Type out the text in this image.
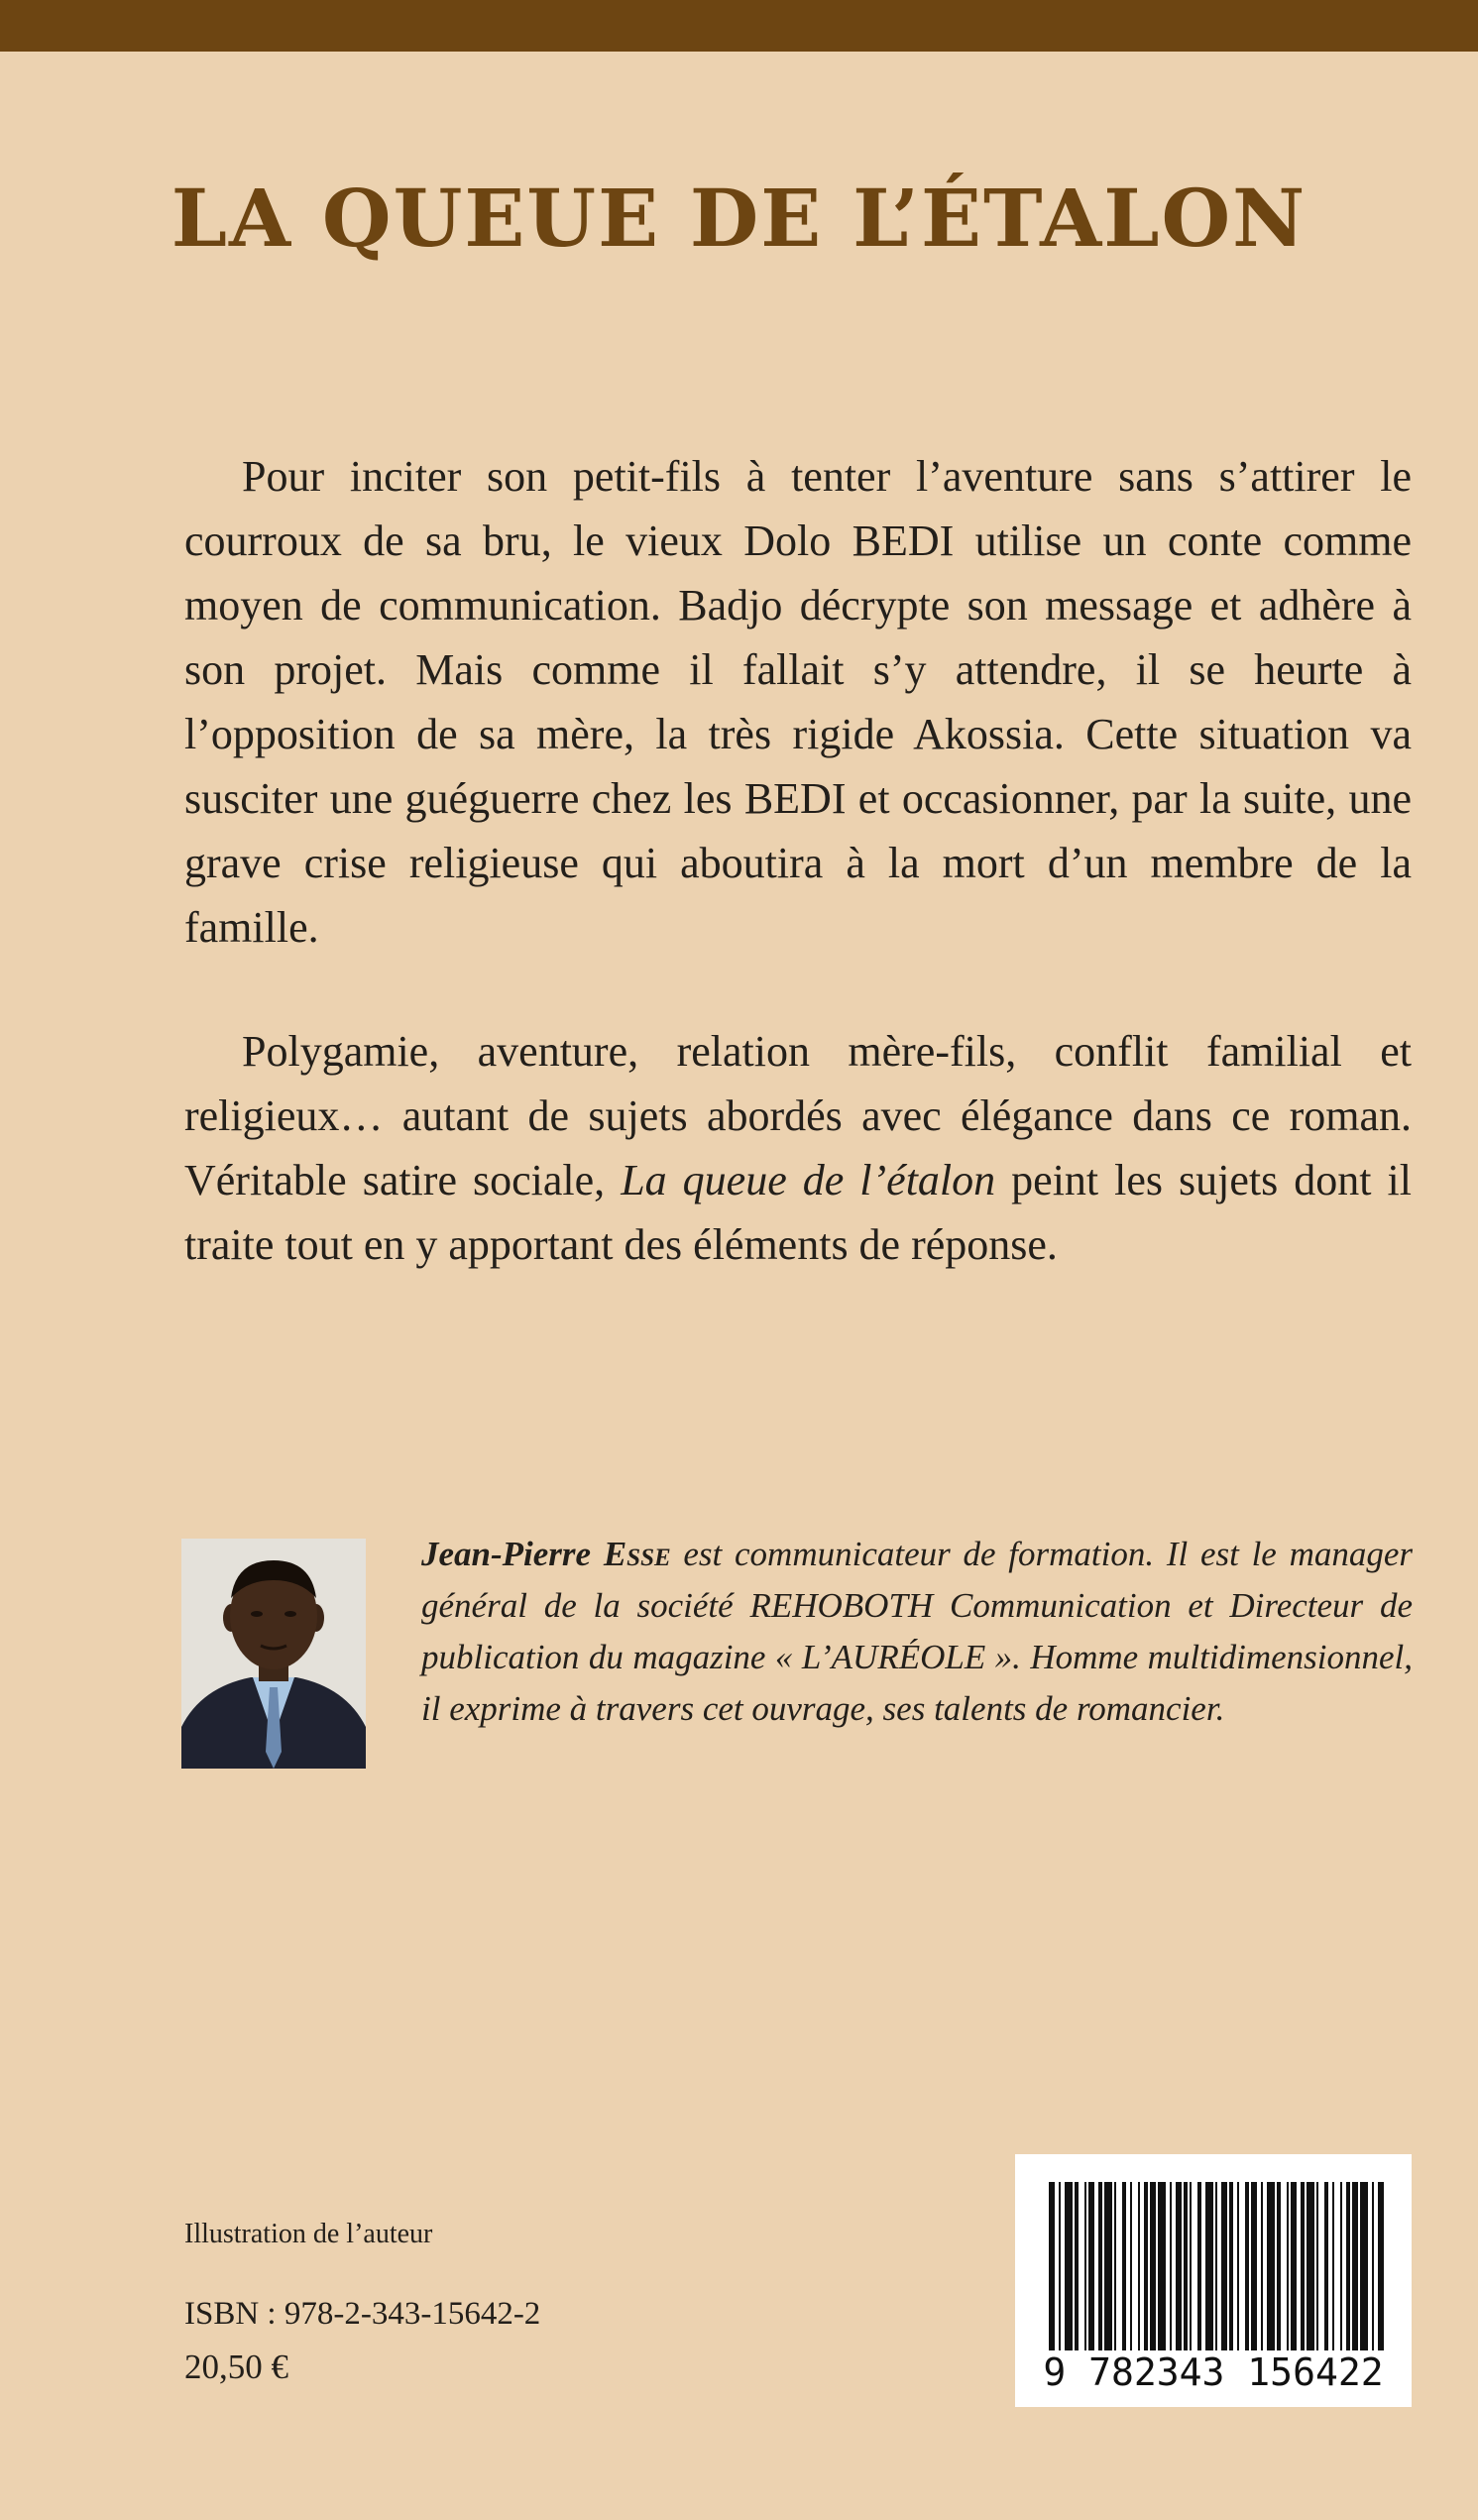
LA QUEUE DE L’ÉTALON

Pour inciter son petit-fils à tenter l’aventure sans s’attirer le courroux de sa bru, le vieux Dolo BEDI utilise un conte comme moyen de communication. Badjo décrypte son message et adhère à son projet. Mais comme il fallait s’y attendre, il se heurte à l’opposition de sa mère, la très rigide Akossia. Cette situation va susciter une guéguerre chez les BEDI et occasionner, par la suite, une grave crise religieuse qui aboutira à la mort d’un membre de la famille.

Polygamie, aventure, relation mère-fils, conflit familial et religieux… autant de sujets abordés avec élégance dans ce roman. Véritable satire sociale, La queue de l’étalon peint les sujets dont il traite tout en y apportant des éléments de réponse.

Jean-Pierre Esse est communicateur de formation. Il est le manager général de la société REHOBOTH Communication et Directeur de publication du magazine « L’AURÉOLE ». Homme multidimensionnel, il exprime à travers cet ouvrage, ses talents de romancier.
Illustration de l’auteur
ISBN : 978-2-343-15642-2
20,50 €	9 782343 156422
